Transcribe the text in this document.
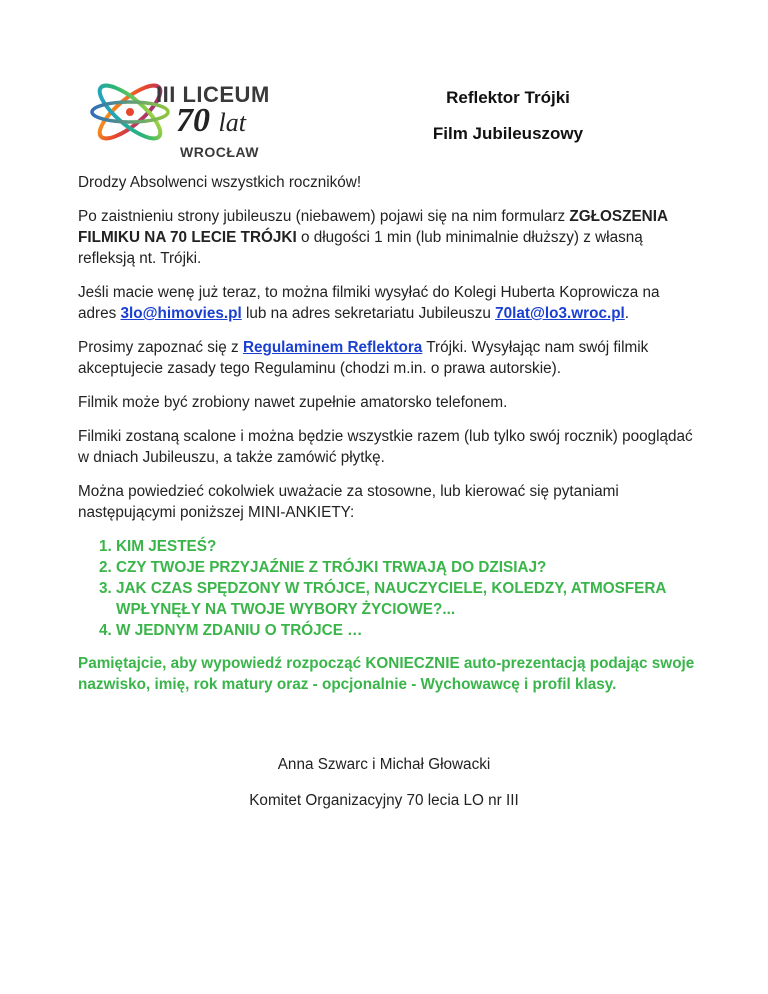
III LICEUM
70 lat
WROCŁAW
Reflektor Trójki
Film Jubileuszowy

Drodzy Absolwenci wszystkich roczników!

Po zaistnieniu strony jubileuszu (niebawem) pojawi się na nim formularz ZGŁOSZENIA FILMIKU NA 70 LECIE TRÓJKI o długości 1 min (lub minimalnie dłuższy) z własną refleksją nt. Trójki.

Jeśli macie wenę już teraz, to można filmiki wysyłać do Kolegi Huberta Koprowicza na adres 3lo@himovies.pl lub na adres sekretariatu Jubileuszu 70lat@lo3.wroc.pl.

Prosimy zapoznać się z Regulaminem Reflektora Trójki. Wysyłając nam swój filmik akceptujecie zasady tego Regulaminu (chodzi m.in. o prawa autorskie).

Filmik może być zrobiony nawet zupełnie amatorsko telefonem.

Filmiki zostaną scalone i można będzie wszystkie razem (lub tylko swój rocznik) pooglądać w dniach Jubileuszu, a także zamówić płytkę.

Można powiedzieć cokolwiek uważacie za stosowne, lub kierować się pytaniami następującymi poniższej MINI-ANKIETY:

1. KIM JESTEŚ?
2. CZY TWOJE PRZYJAŹNIE Z TRÓJKI TRWAJĄ DO DZISIAJ?
3. JAK CZAS SPĘDZONY W TRÓJCE, NAUCZYCIELE, KOLEDZY, ATMOSFERA WPŁYNĘŁY NA TWOJE WYBORY ŻYCIOWE?...
4. W JEDNYM ZDANIU O TRÓJCE …

Pamiętajcie, aby wypowiedź rozpocząć KONIECZNIE auto-prezentacją podając swoje nazwisko, imię, rok matury oraz - opcjonalnie - Wychowawcę i profil klasy.

Anna Szwarc i Michał Głowacki
Komitet Organizacyjny 70 lecia LO nr III
